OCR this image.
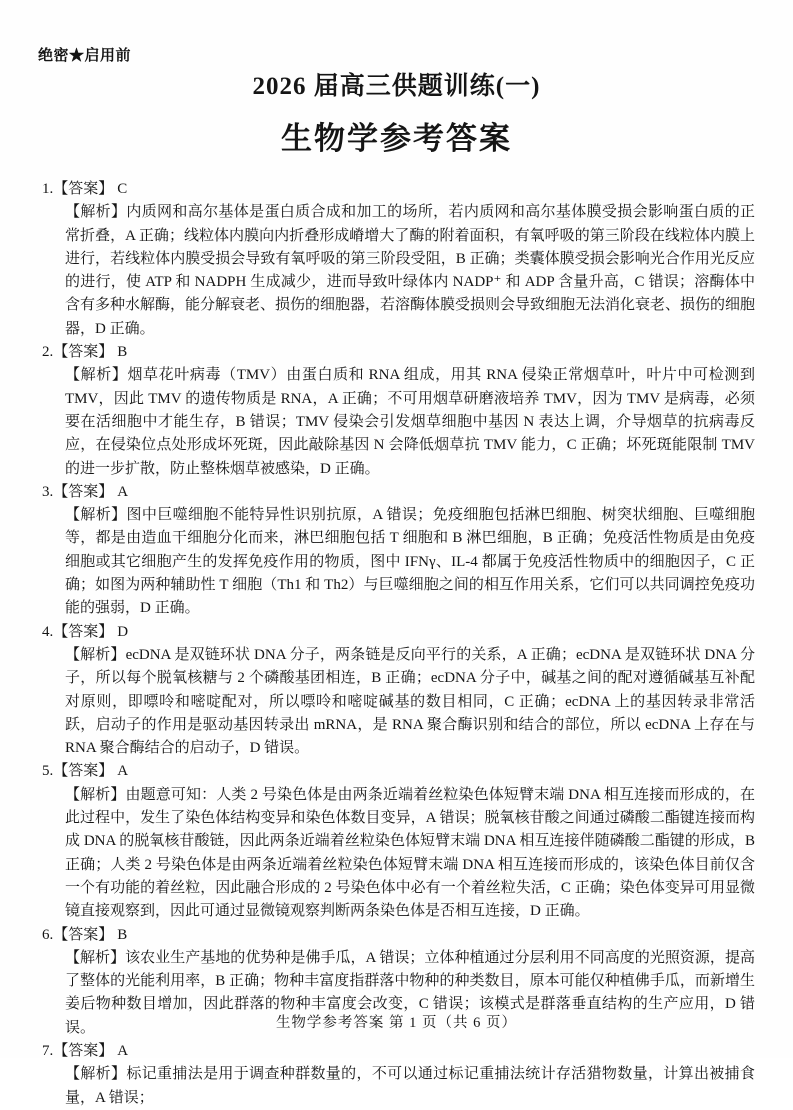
绝密★启用前
2026 届高三供题训练(一)
生物学参考答案
1.【答案】 C
【解析】内质网和高尔基体是蛋白质合成和加工的场所，若内质网和高尔基体膜受损会影响蛋白质的正常折叠，A 正确；线粒体内膜向内折叠形成嵴增大了酶的附着面积，有氧呼吸的第三阶段在线粒体内膜上进行，若线粒体内膜受损会导致有氧呼吸的第三阶段受阻，B 正确；类囊体膜受损会影响光合作用光反应的进行，使 ATP 和 NADPH 生成减少，进而导致叶绿体内 NADP⁺ 和 ADP 含量升高，C 错误；溶酶体中含有多种水解酶，能分解衰老、损伤的细胞器，若溶酶体膜受损则会导致细胞无法消化衰老、损伤的细胞器，D 正确。
2.【答案】 B
【解析】烟草花叶病毒（TMV）由蛋白质和 RNA 组成，用其 RNA 侵染正常烟草叶，叶片中可检测到 TMV，因此 TMV 的遗传物质是 RNA，A 正确；不可用烟草研磨液培养 TMV，因为 TMV 是病毒，必须要在活细胞中才能生存，B 错误；TMV 侵染会引发烟草细胞中基因 N 表达上调，介导烟草的抗病毒反应，在侵染位点处形成坏死斑，因此敲除基因 N 会降低烟草抗 TMV 能力，C 正确；坏死斑能限制 TMV 的进一步扩散，防止整株烟草被感染，D 正确。
3.【答案】 A
【解析】图中巨噬细胞不能特异性识别抗原，A 错误；免疫细胞包括淋巴细胞、树突状细胞、巨噬细胞等，都是由造血干细胞分化而来，淋巴细胞包括 T 细胞和 B 淋巴细胞，B 正确；免疫活性物质是由免疫细胞或其它细胞产生的发挥免疫作用的物质，图中 IFNγ、IL-4 都属于免疫活性物质中的细胞因子，C 正确；如图为两种辅助性 T 细胞（Th1 和 Th2）与巨噬细胞之间的相互作用关系，它们可以共同调控免疫功能的强弱，D 正确。
4.【答案】 D
【解析】ecDNA 是双链环状 DNA 分子，两条链是反向平行的关系，A 正确；ecDNA 是双链环状 DNA 分子，所以每个脱氧核糖与 2 个磷酸基团相连，B 正确；ecDNA 分子中，碱基之间的配对遵循碱基互补配对原则，即嘌呤和嘧啶配对，所以嘌呤和嘧啶碱基的数目相同，C 正确；ecDNA 上的基因转录非常活跃，启动子的作用是驱动基因转录出 mRNA，是 RNA 聚合酶识别和结合的部位，所以 ecDNA 上存在与 RNA 聚合酶结合的启动子，D 错误。
5.【答案】 A
【解析】由题意可知：人类 2 号染色体是由两条近端着丝粒染色体短臂末端 DNA 相互连接而形成的，在此过程中，发生了染色体结构变异和染色体数目变异，A 错误；脱氧核苷酸之间通过磷酸二酯键连接而构成 DNA 的脱氧核苷酸链，因此两条近端着丝粒染色体短臂末端 DNA 相互连接伴随磷酸二酯键的形成，B 正确；人类 2 号染色体是由两条近端着丝粒染色体短臂末端 DNA 相互连接而形成的，该染色体目前仅含一个有功能的着丝粒，因此融合形成的 2 号染色体中必有一个着丝粒失活，C 正确；染色体变异可用显微镜直接观察到，因此可通过显微镜观察判断两条染色体是否相互连接，D 正确。
6.【答案】 B
【解析】该农业生产基地的优势种是佛手瓜，A 错误；立体种植通过分层利用不同高度的光照资源，提高了整体的光能利用率，B 正确；物种丰富度指群落中物种的种类数目，原本可能仅种植佛手瓜，而新增生姜后物种数目增加，因此群落的物种丰富度会改变，C 错误；该模式是群落垂直结构的生产应用，D 错误。
7.【答案】 A
【解析】标记重捕法是用于调查种群数量的，不可以通过标记重捕法统计存活猎物数量，计算出被捕食量，A 错误；
生物学参考答案 第 1 页（共 6 页）
